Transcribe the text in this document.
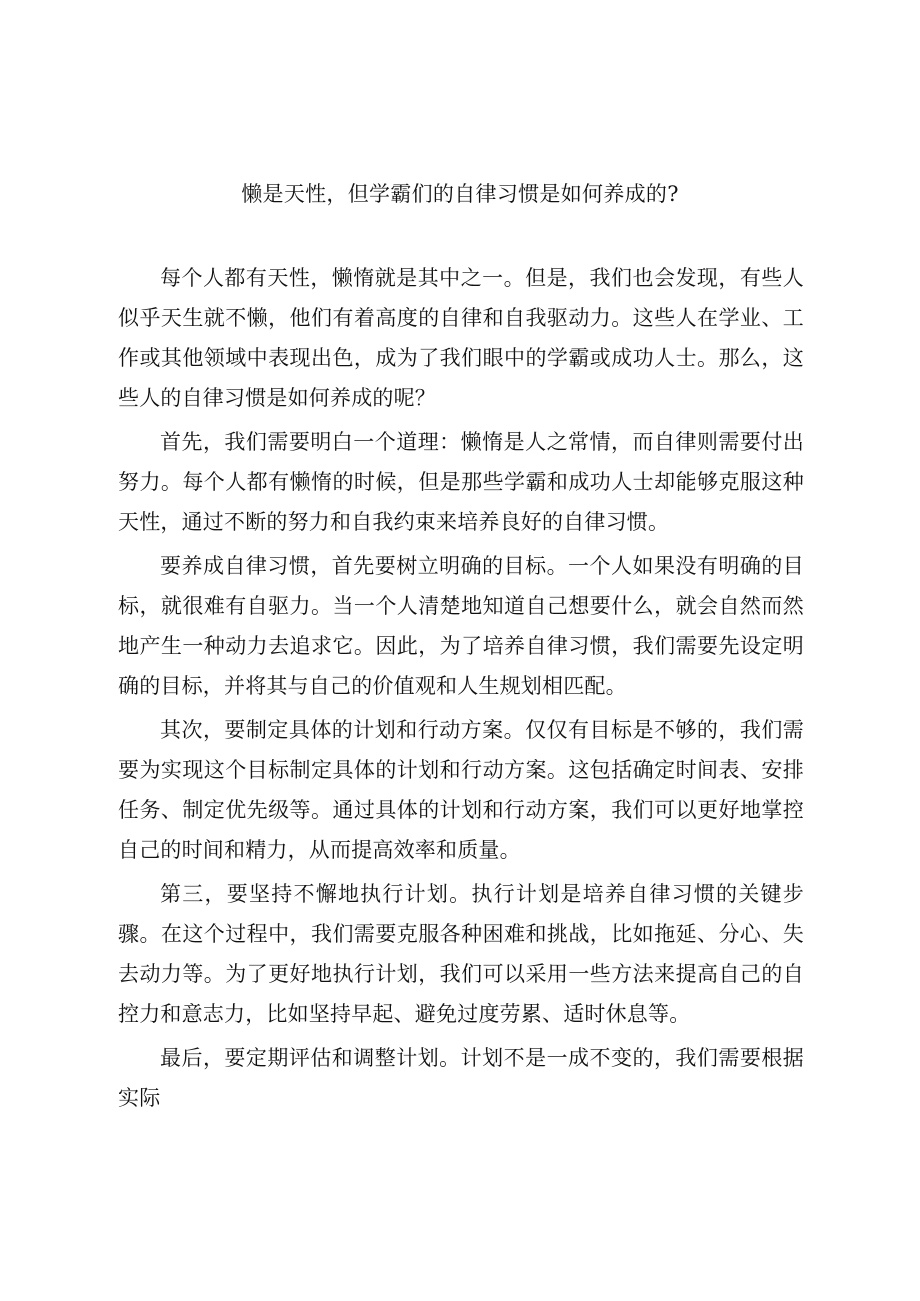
懒是天性，但学霸们的自律习惯是如何养成的?

每个人都有天性，懒惰就是其中之一。但是，我们也会发现，有些人似乎天生就不懒，他们有着高度的自律和自我驱动力。这些人在学业、工作或其他领域中表现出色，成为了我们眼中的学霸或成功人士。那么，这些人的自律习惯是如何养成的呢？

首先，我们需要明白一个道理：懒惰是人之常情，而自律则需要付出努力。每个人都有懒惰的时候，但是那些学霸和成功人士却能够克服这种天性，通过不断的努力和自我约束来培养良好的自律习惯。

要养成自律习惯，首先要树立明确的目标。一个人如果没有明确的目标，就很难有自驱力。当一个人清楚地知道自己想要什么，就会自然而然地产生一种动力去追求它。因此，为了培养自律习惯，我们需要先设定明确的目标，并将其与自己的价值观和人生规划相匹配。

其次，要制定具体的计划和行动方案。仅仅有目标是不够的，我们需要为实现这个目标制定具体的计划和行动方案。这包括确定时间表、安排任务、制定优先级等。通过具体的计划和行动方案，我们可以更好地掌控自己的时间和精力，从而提高效率和质量。

第三，要坚持不懈地执行计划。执行计划是培养自律习惯的关键步骤。在这个过程中，我们需要克服各种困难和挑战，比如拖延、分心、失去动力等。为了更好地执行计划，我们可以采用一些方法来提高自己的自控力和意志力，比如坚持早起、避免过度劳累、适时休息等。

最后，要定期评估和调整计划。计划不是一成不变的，我们需要根据实际
